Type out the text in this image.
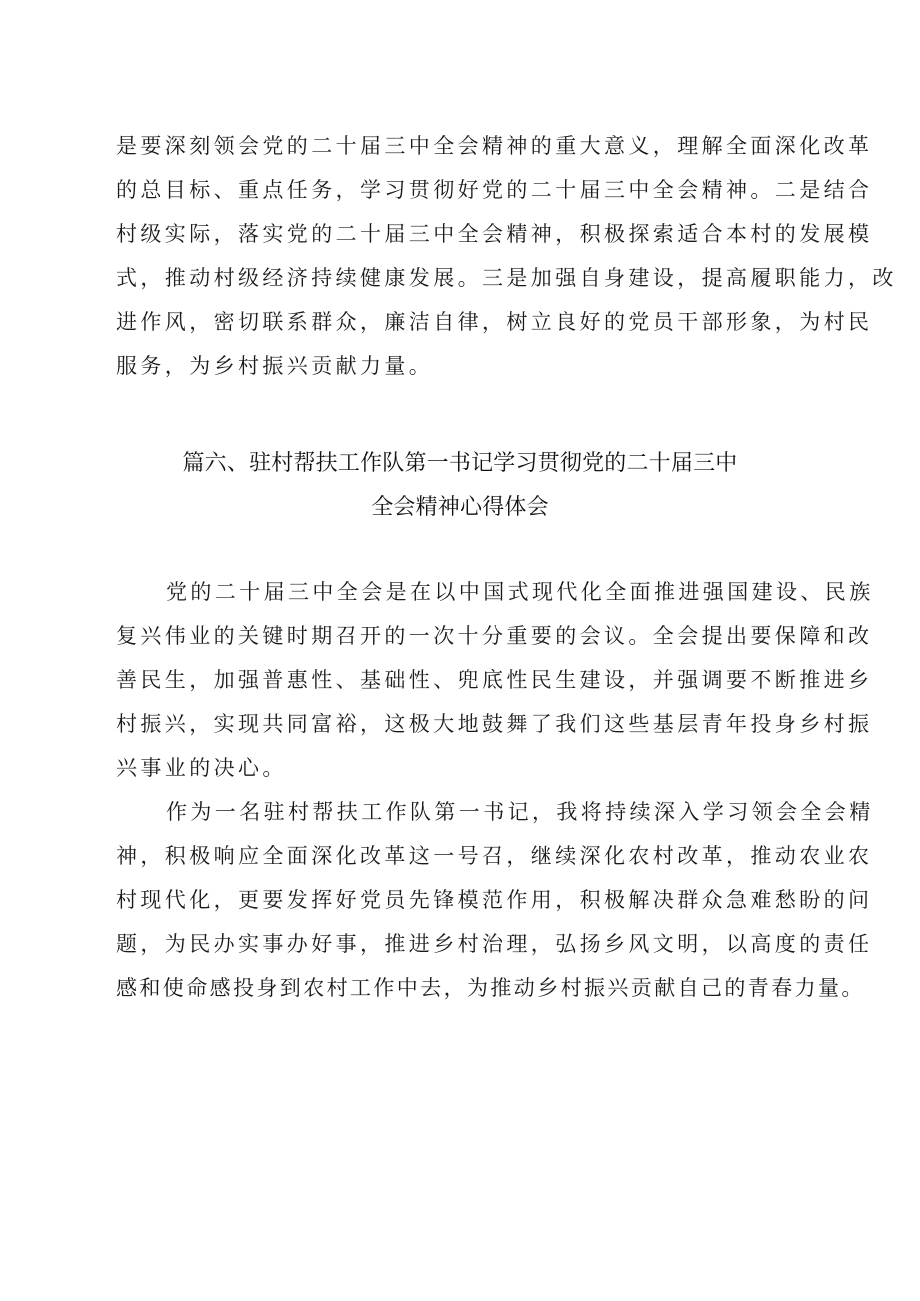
是要深刻领会党的二十届三中全会精神的重大意义，理解全面深化改革
的总目标、重点任务，学习贯彻好党的二十届三中全会精神。二是结合
村级实际，落实党的二十届三中全会精神，积极探索适合本村的发展模
式，推动村级经济持续健康发展。三是加强自身建设，提高履职能力，改
进作风，密切联系群众，廉洁自律，树立良好的党员干部形象，为村民
服务，为乡村振兴贡献力量。
篇六、驻村帮扶工作队第一书记学习贯彻党的二十届三中
全会精神心得体会
党的二十届三中全会是在以中国式现代化全面推进强国建设、民族
复兴伟业的关键时期召开的一次十分重要的会议。全会提出要保障和改
善民生，加强普惠性、基础性、兜底性民生建设，并强调要不断推进乡
村振兴，实现共同富裕，这极大地鼓舞了我们这些基层青年投身乡村振
兴事业的决心。
作为一名驻村帮扶工作队第一书记，我将持续深入学习领会全会精
神，积极响应全面深化改革这一号召，继续深化农村改革，推动农业农
村现代化，更要发挥好党员先锋模范作用，积极解决群众急难愁盼的问
题，为民办实事办好事，推进乡村治理，弘扬乡风文明，以高度的责任
感和使命感投身到农村工作中去，为推动乡村振兴贡献自己的青春力量。
